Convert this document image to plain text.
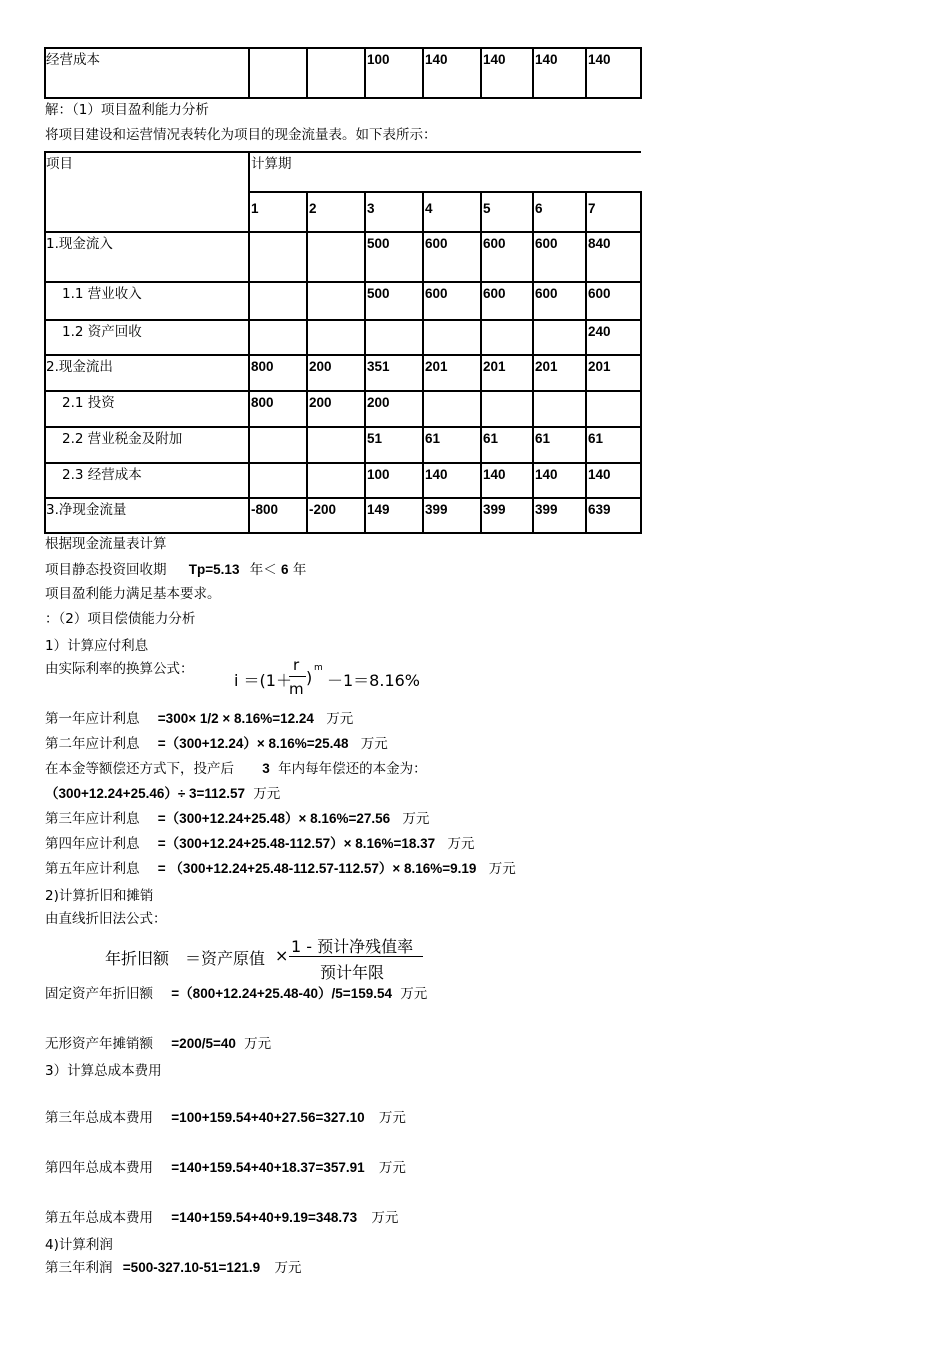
经营成本			100	140	140	140	140
解：（1）项目盈利能力分析
将项目建设和运营情况表转化为项目的现金流量表。如下表所示：
项目	计算期						
	1	2	3	4	5	6	7
1.现金流入			500	600	600	600	840
1.1 营业收入			500	600	600	600	600
1.2 资产回收							240
2.现金流出	800	200	351	201	201	201	201
2.1 投资	800	200	200				
2.2 营业税金及附加			51	61	61	61	61
2.3 经营成本			100	140	140	140	140
3.净现金流量	-800	-200	149	399	399	399	639
根据现金流量表计算
项目静态投资回收期 Tp=5.13 年＜ 6 年
项目盈利能力满足基本要求。
：（2）项目偿债能力分析
1）计算应付利息
由实际利率的换算公式：
i ＝(1＋
r
m
) m
－1＝8.16%
第一年应计利息 =300× 1/2 × 8.16%=12.24 万元
第二年应计利息 =（300+12.24）× 8.16%=25.48 万元
在本金等额偿还方式下，投产后 3 年内每年偿还的本金为：
（300+12.24+25.46）÷ 3=112.57 万元
第三年应计利息 =（300+12.24+25.48）× 8.16%=27.56 万元
第四年应计利息 =（300+12.24+25.48-112.57）× 8.16%=18.37 万元
第五年应计利息 = （300+12.24+25.48-112.57-112.57）× 8.16%=9.19 万元
2)计算折旧和摊销
由直线折旧法公式：
年折旧额 ＝资产原值 × 1 - 预计净残值率
预计年限
固定资产年折旧额 =（800+12.24+25.48-40）/5=159.54 万元
无形资产年摊销额 =200/5=40 万元
3）计算总成本费用
第三年总成本费用 =100+159.54+40+27.56=327.10 万元
第四年总成本费用 =140+159.54+40+18.37=357.91 万元
第五年总成本费用 =140+159.54+40+9.19=348.73 万元
4)计算利润
第三年利润 =500-327.10-51=121.9 万元
